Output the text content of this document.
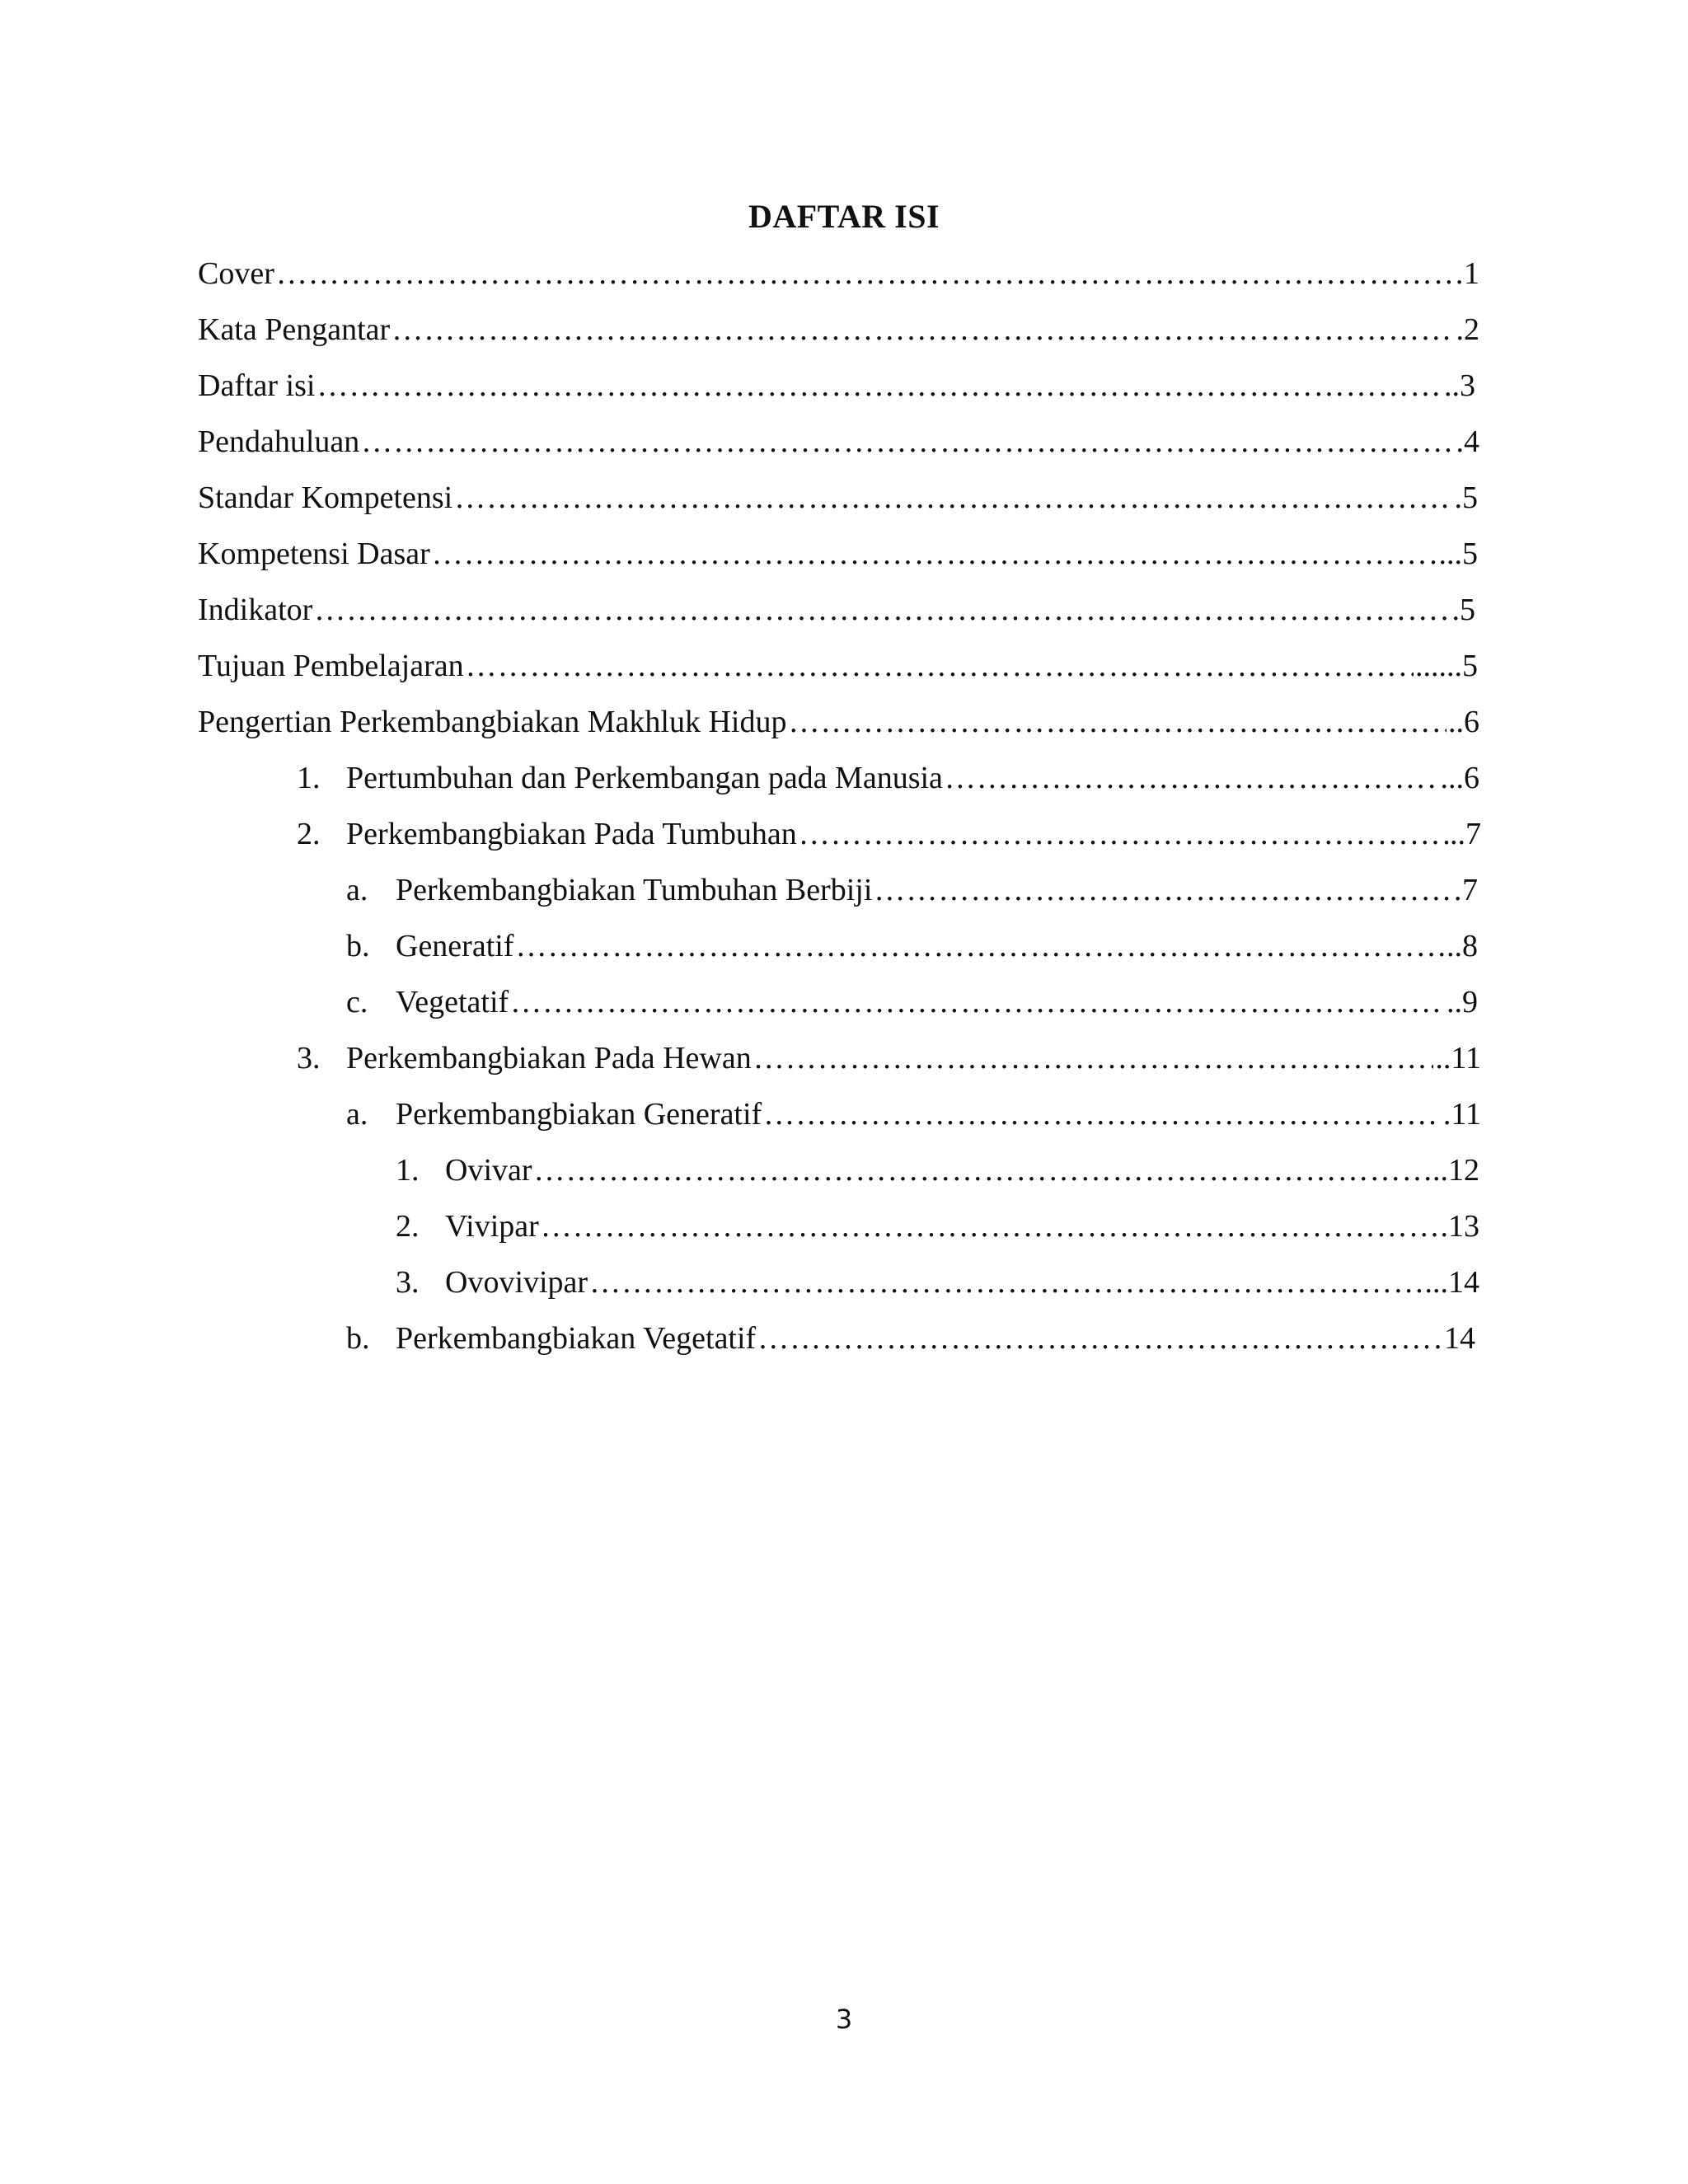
DAFTAR ISI
Cover …………………………………………………………………………………………………………………………………………………………………………………………………………	1
Kata Pengantar …………………………………………………………………………………………………………………………………………………………………………………………………………	.2
Daftar isi …………………………………………………………………………………………………………………………………………………………………………………………………………	..3
Pendahuluan …………………………………………………………………………………………………………………………………………………………………………………………………………	.4
Standar Kompetensi …………………………………………………………………………………………………………………………………………………………………………………………………………	.5
Kompetensi Dasar …………………………………………………………………………………………………………………………………………………………………………………………………………	...5
Indikator …………………………………………………………………………………………………………………………………………………………………………………………………………	.5
Tujuan Pembelajaran …………………………………………………………………………………………………………………………………………………………………………………………………………	......5
Pengertian Perkembangbiakan Makhluk Hidup …………………………………………………………………………………………………………………………………………………………………………………………………………	..6
1. Pertumbuhan dan Perkembangan pada Manusia …………………………………………………………………………………………………………………………………………………………………………………………………………	...6
2. Perkembangbiakan Pada Tumbuhan …………………………………………………………………………………………………………………………………………………………………………………………………………	..7
a. Perkembangbiakan Tumbuhan Berbiji …………………………………………………………………………………………………………………………………………………………………………………………………………	7
b. Generatif …………………………………………………………………………………………………………………………………………………………………………………………………………	..8
c. Vegetatif …………………………………………………………………………………………………………………………………………………………………………………………………………	..9
3. Perkembangbiakan Pada Hewan …………………………………………………………………………………………………………………………………………………………………………………………………………	..11
a. Perkembangbiakan Generatif …………………………………………………………………………………………………………………………………………………………………………………………………………	.11
1. Ovivar …………………………………………………………………………………………………………………………………………………………………………………………………………	..12
2. Vivipar …………………………………………………………………………………………………………………………………………………………………………………………………………	.13
3. Ovovivipar …………………………………………………………………………………………………………………………………………………………………………………………………………	...14
b. Perkembangbiakan Vegetatif …………………………………………………………………………………………………………………………………………………………………………………………………………	14
3
